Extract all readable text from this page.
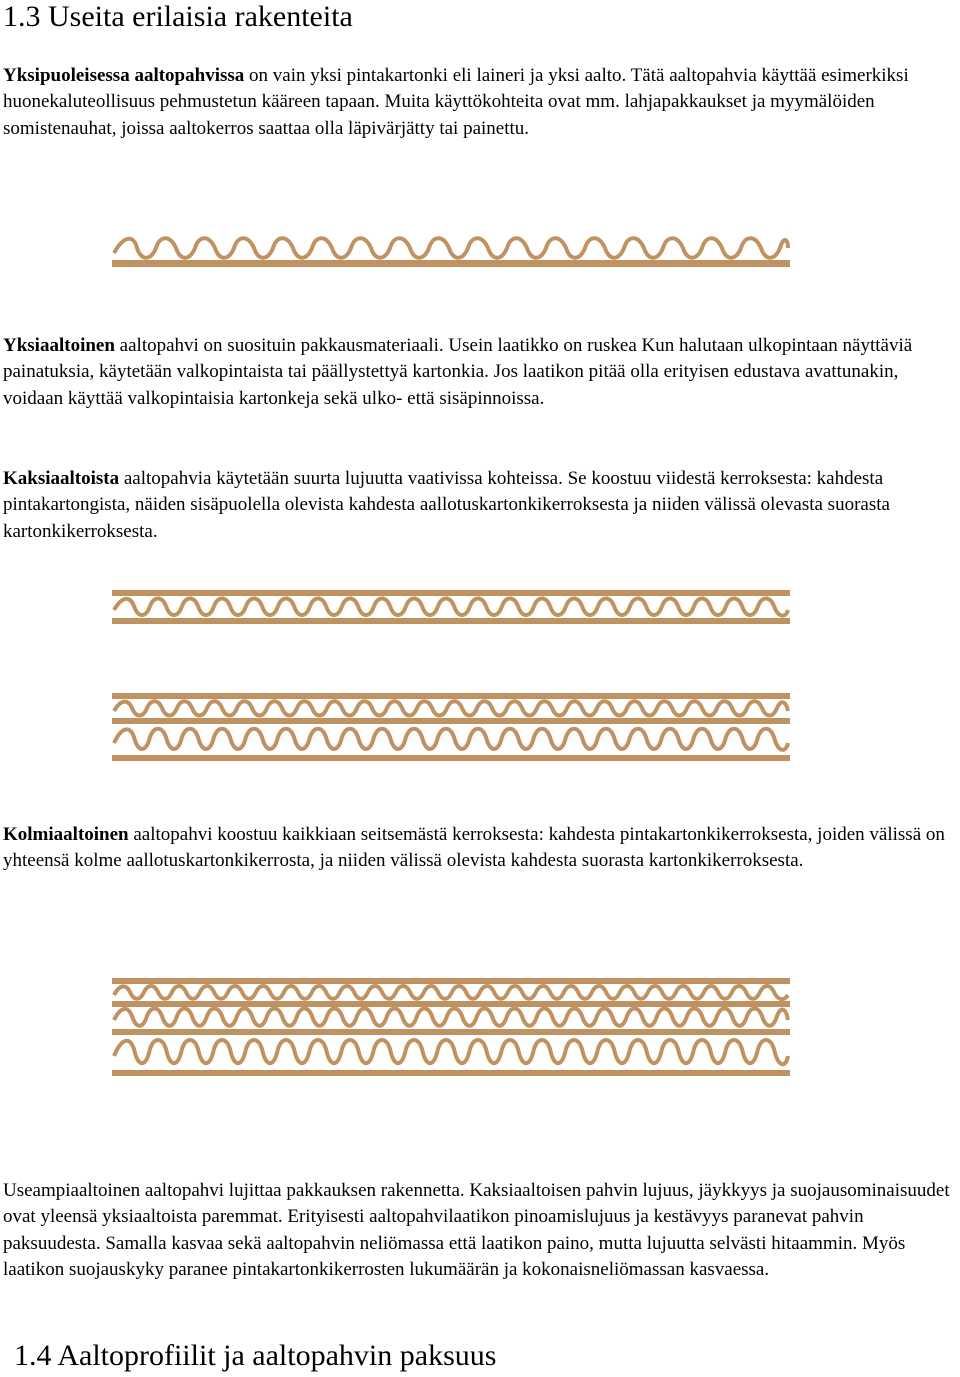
1.3 Useita erilaisia rakenteita

Yksipuoleisessa aaltopahvissa on vain yksi pintakartonki eli laineri ja yksi aalto. Tätä aaltopahvia käyttää esimerkiksi huonekaluteollisuus pehmustetun kääreen tapaan. Muita käyttökohteita ovat mm. lahjapakkaukset ja myymälöiden somistenauhat, joissa aaltokerros saattaa olla läpivärjätty tai painettu.

Yksiaaltoinen aaltopahvi on suosituin pakkausmateriaali. Usein laatikko on ruskea Kun halutaan ulkopintaan näyttäviä painatuksia, käytetään valkopintaista tai päällystettyä kartonkia. Jos laatikon pitää olla erityisen edustava avattunakin, voidaan käyttää valkopintaisia kartonkeja sekä ulko- että sisäpinnoissa.

Kaksiaaltoista aaltopahvia käytetään suurta lujuutta vaativissa kohteissa. Se koostuu viidestä kerroksesta: kahdesta pintakartongista, näiden sisäpuolella olevista kahdesta aallotuskartonkikerroksesta ja niiden välissä olevasta suorasta kartonkikerroksesta.

Kolmiaaltoinen aaltopahvi koostuu kaikkiaan seitsemästä kerroksesta: kahdesta pintakartonkikerroksesta, joiden välissä on yhteensä kolme aallotuskartonkikerrosta, ja niiden välissä olevista kahdesta suorasta kartonkikerroksesta.

Useampiaaltoinen aaltopahvi lujittaa pakkauksen rakennetta. Kaksiaaltoisen pahvin lujuus, jäykkyys ja suojausominaisuudet ovat yleensä yksiaaltoista paremmat. Erityisesti aaltopahvilaatikon pinoamislujuus ja kestävyys paranevat pahvin paksuudesta. Samalla kasvaa sekä aaltopahvin neliömassa että laatikon paino, mutta lujuutta selvästi hitaammin. Myös laatikon suojauskyky paranee pintakartonkikerrosten lukumäärän ja kokonaisneliömassan kasvaessa.

1.4 Aaltoprofiilit ja aaltopahvin paksuus
